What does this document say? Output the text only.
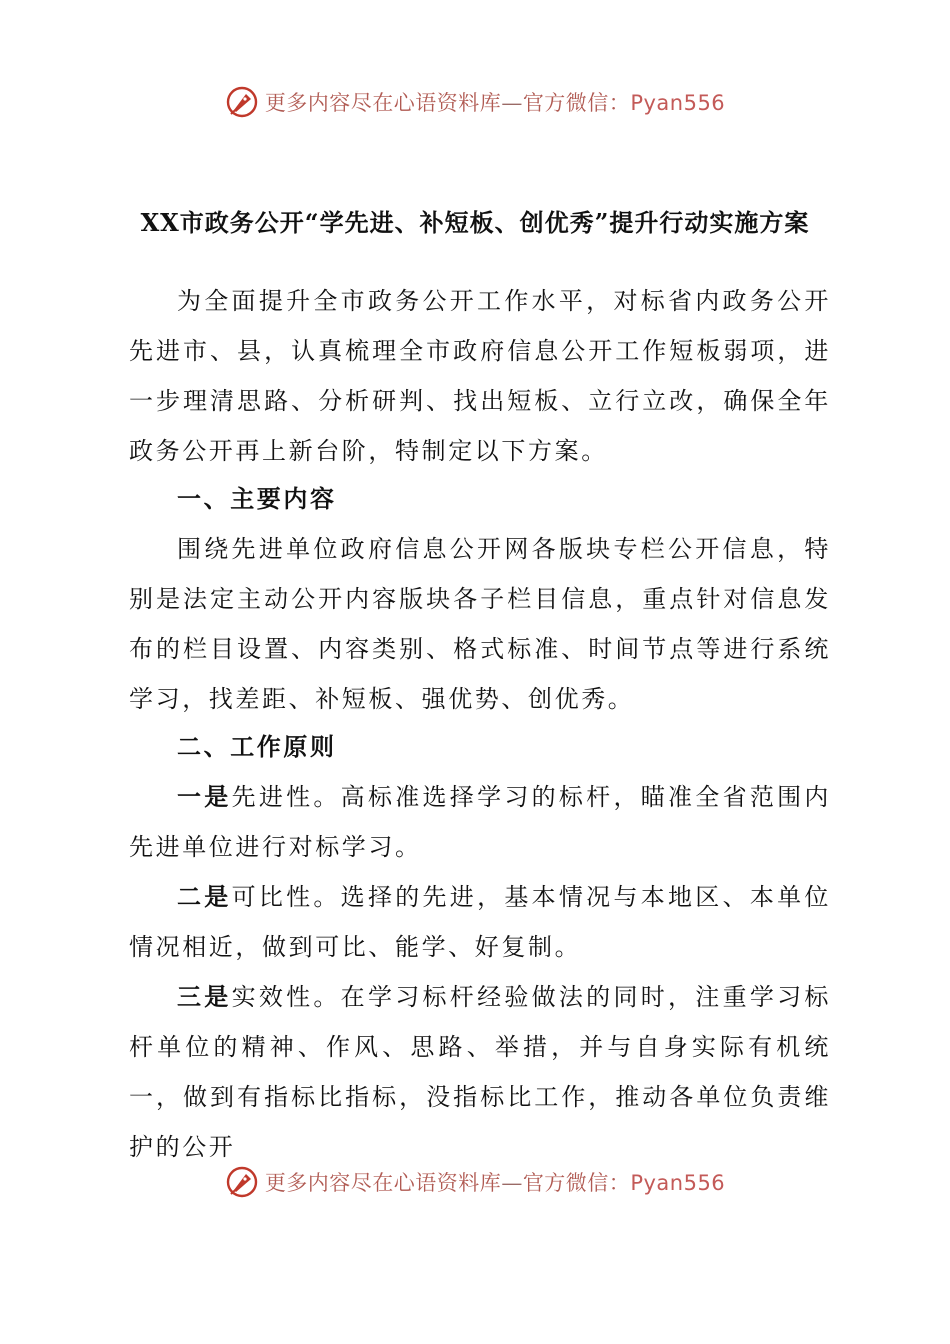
更多内容尽在心语资料库—官方微信：Pyan556
XX市政务公开“学先进、补短板、创优秀”提升行动实施方案

为全面提升全市政务公开工作水平，对标省内政务公开先进市、县，认真梳理全市政府信息公开工作短板弱项，进一步理清思路、分析研判、找出短板、立行立改，确保全年政务公开再上新台阶，特制定以下方案。

一、主要内容

围绕先进单位政府信息公开网各版块专栏公开信息，特别是法定主动公开内容版块各子栏目信息，重点针对信息发布的栏目设置、内容类别、格式标准、时间节点等进行系统学习，找差距、补短板、强优势、创优秀。

二、工作原则

一是先进性。高标准选择学习的标杆，瞄准全省范围内先进单位进行对标学习。

二是可比性。选择的先进，基本情况与本地区、本单位情况相近，做到可比、能学、好复制。

三是实效性。在学习标杆经验做法的同时，注重学习标杆单位的精神、作风、思路、举措，并与自身实际有机统一，做到有指标比指标，没指标比工作，推动各单位负责维护的公开

更多内容尽在心语资料库—官方微信：Pyan556
